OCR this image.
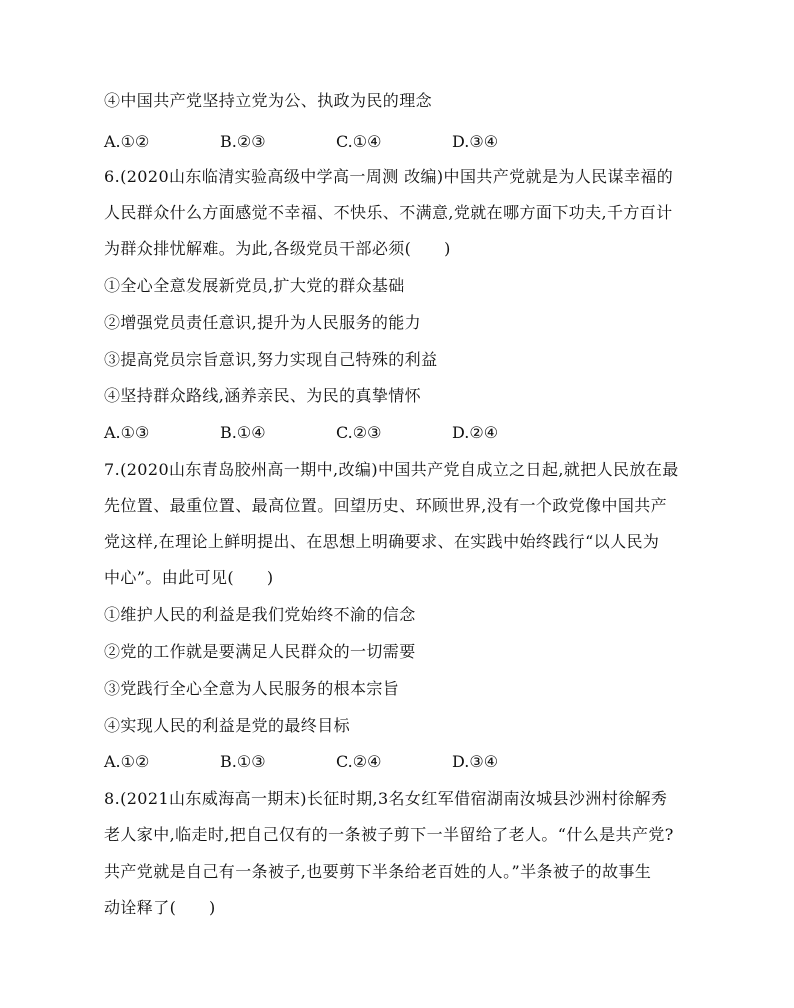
④中国共产党坚持立党为公、执政为民的理念
A.①②	B.②③	C.①④	D.③④
6.(2020山东临清实验高级中学高一周测 改编)中国共产党就是为人民谋幸福的
人民群众什么方面感觉不幸福、不快乐、不满意,党就在哪方面下功夫,千方百计
为群众排忧解难。为此,各级党员干部必须(　　)
①全心全意发展新党员,扩大党的群众基础
②增强党员责任意识,提升为人民服务的能力
③提高党员宗旨意识,努力实现自己特殊的利益
④坚持群众路线,涵养亲民、为民的真挚情怀
A.①③	B.①④	C.②③	D.②④
7.(2020山东青岛胶州高一期中,改编)中国共产党自成立之日起,就把人民放在最
先位置、最重位置、最高位置。回望历史、环顾世界,没有一个政党像中国共产
党这样,在理论上鲜明提出、在思想上明确要求、在实践中始终践行“以人民为
中心”。由此可见(　　)
①维护人民的利益是我们党始终不渝的信念
②党的工作就是要满足人民群众的一切需要
③党践行全心全意为人民服务的根本宗旨
④实现人民的利益是党的最终目标
A.①②	B.①③	C.②④	D.③④
8.(2021山东威海高一期末)长征时期,3名女红军借宿湖南汝城县沙洲村徐解秀
老人家中,临走时,把自己仅有的一条被子剪下一半留给了老人。“什么是共产党?
共产党就是自己有一条被子,也要剪下半条给老百姓的人。”半条被子的故事生
动诠释了(　　)
